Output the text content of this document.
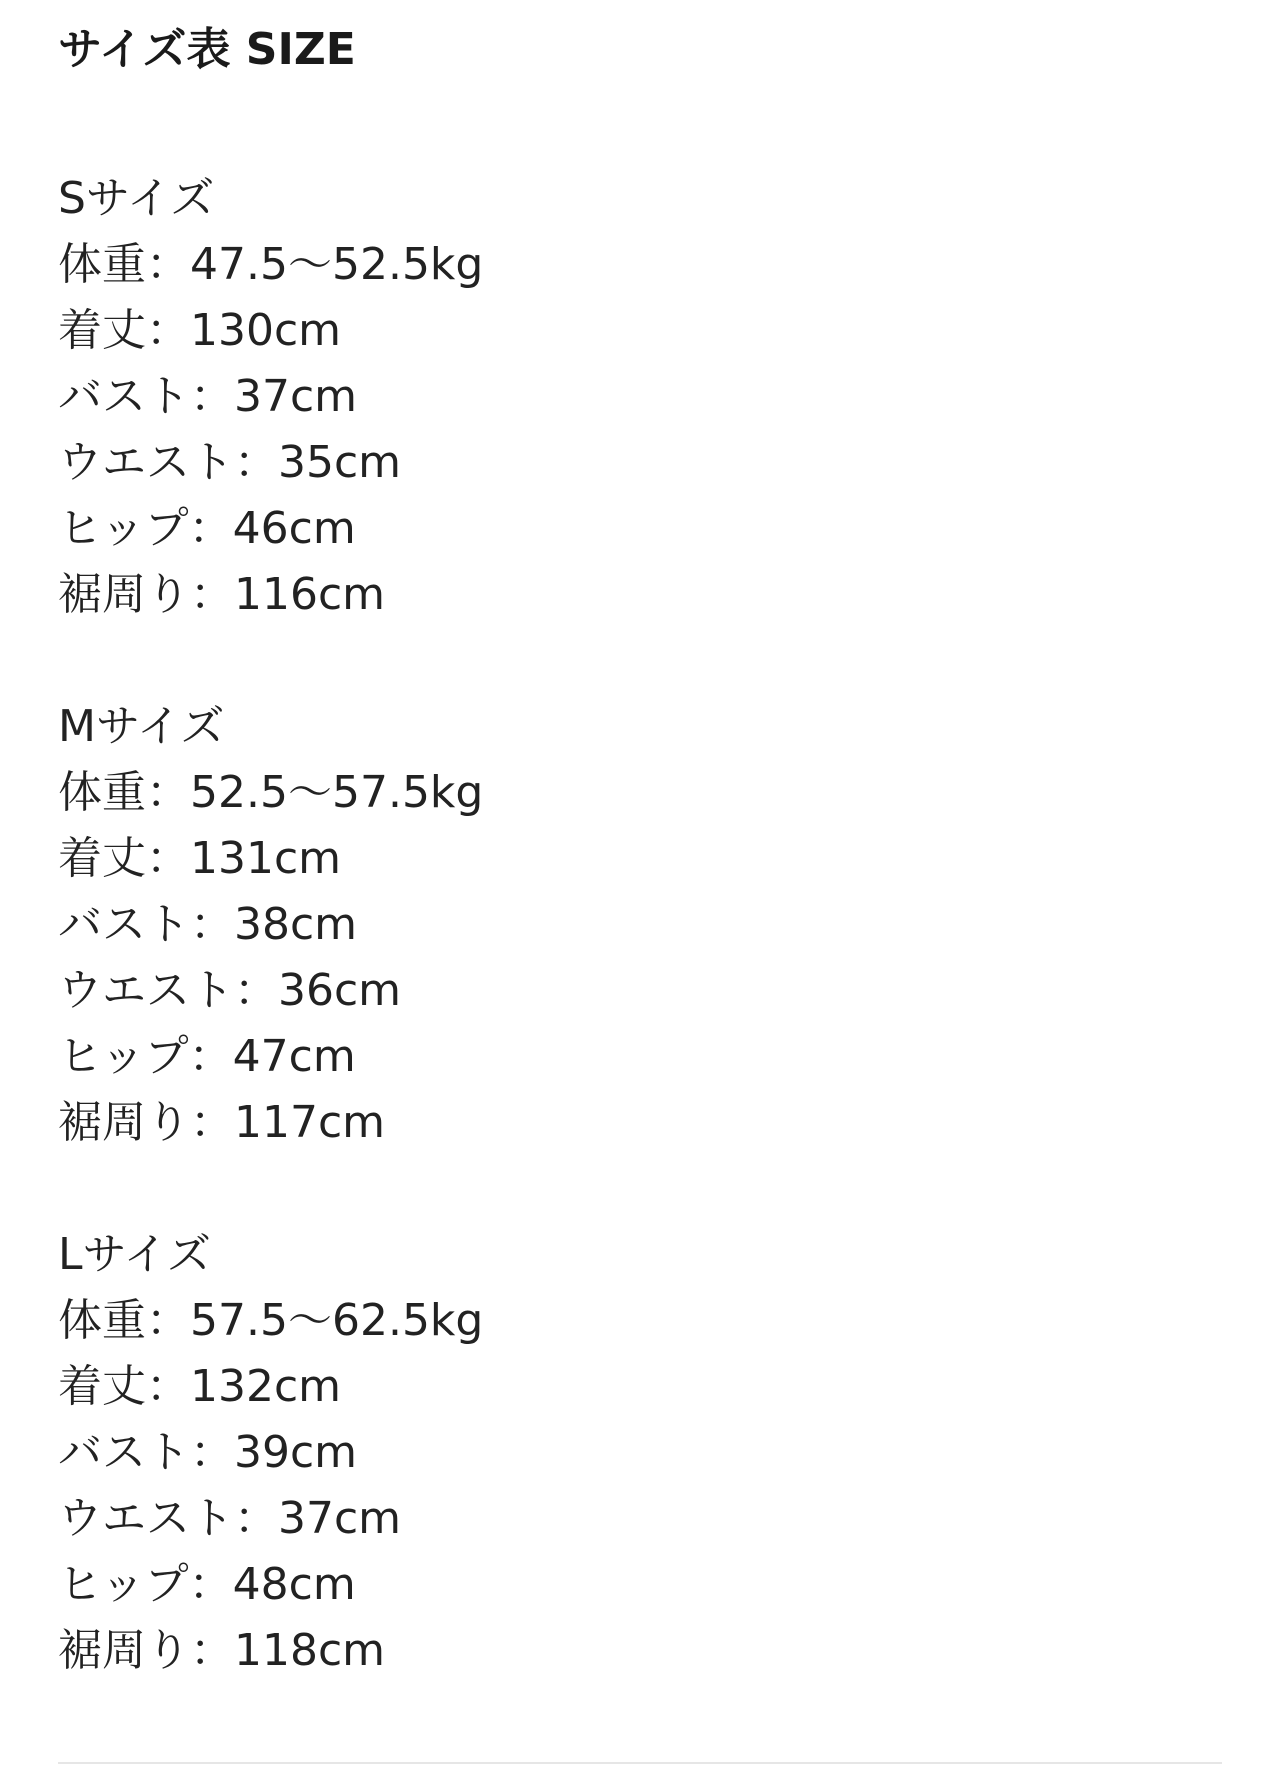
サイズ表 SIZE
Sサイズ
体重：47.5〜52.5kg
着丈：130cm
バスト：37cm
ウエスト：35cm
ヒップ：46cm
裾周り：116cm
Mサイズ
体重：52.5〜57.5kg
着丈：131cm
バスト：38cm
ウエスト：36cm
ヒップ：47cm
裾周り：117cm
Lサイズ
体重：57.5〜62.5kg
着丈：132cm
バスト：39cm
ウエスト：37cm
ヒップ：48cm
裾周り：118cm
